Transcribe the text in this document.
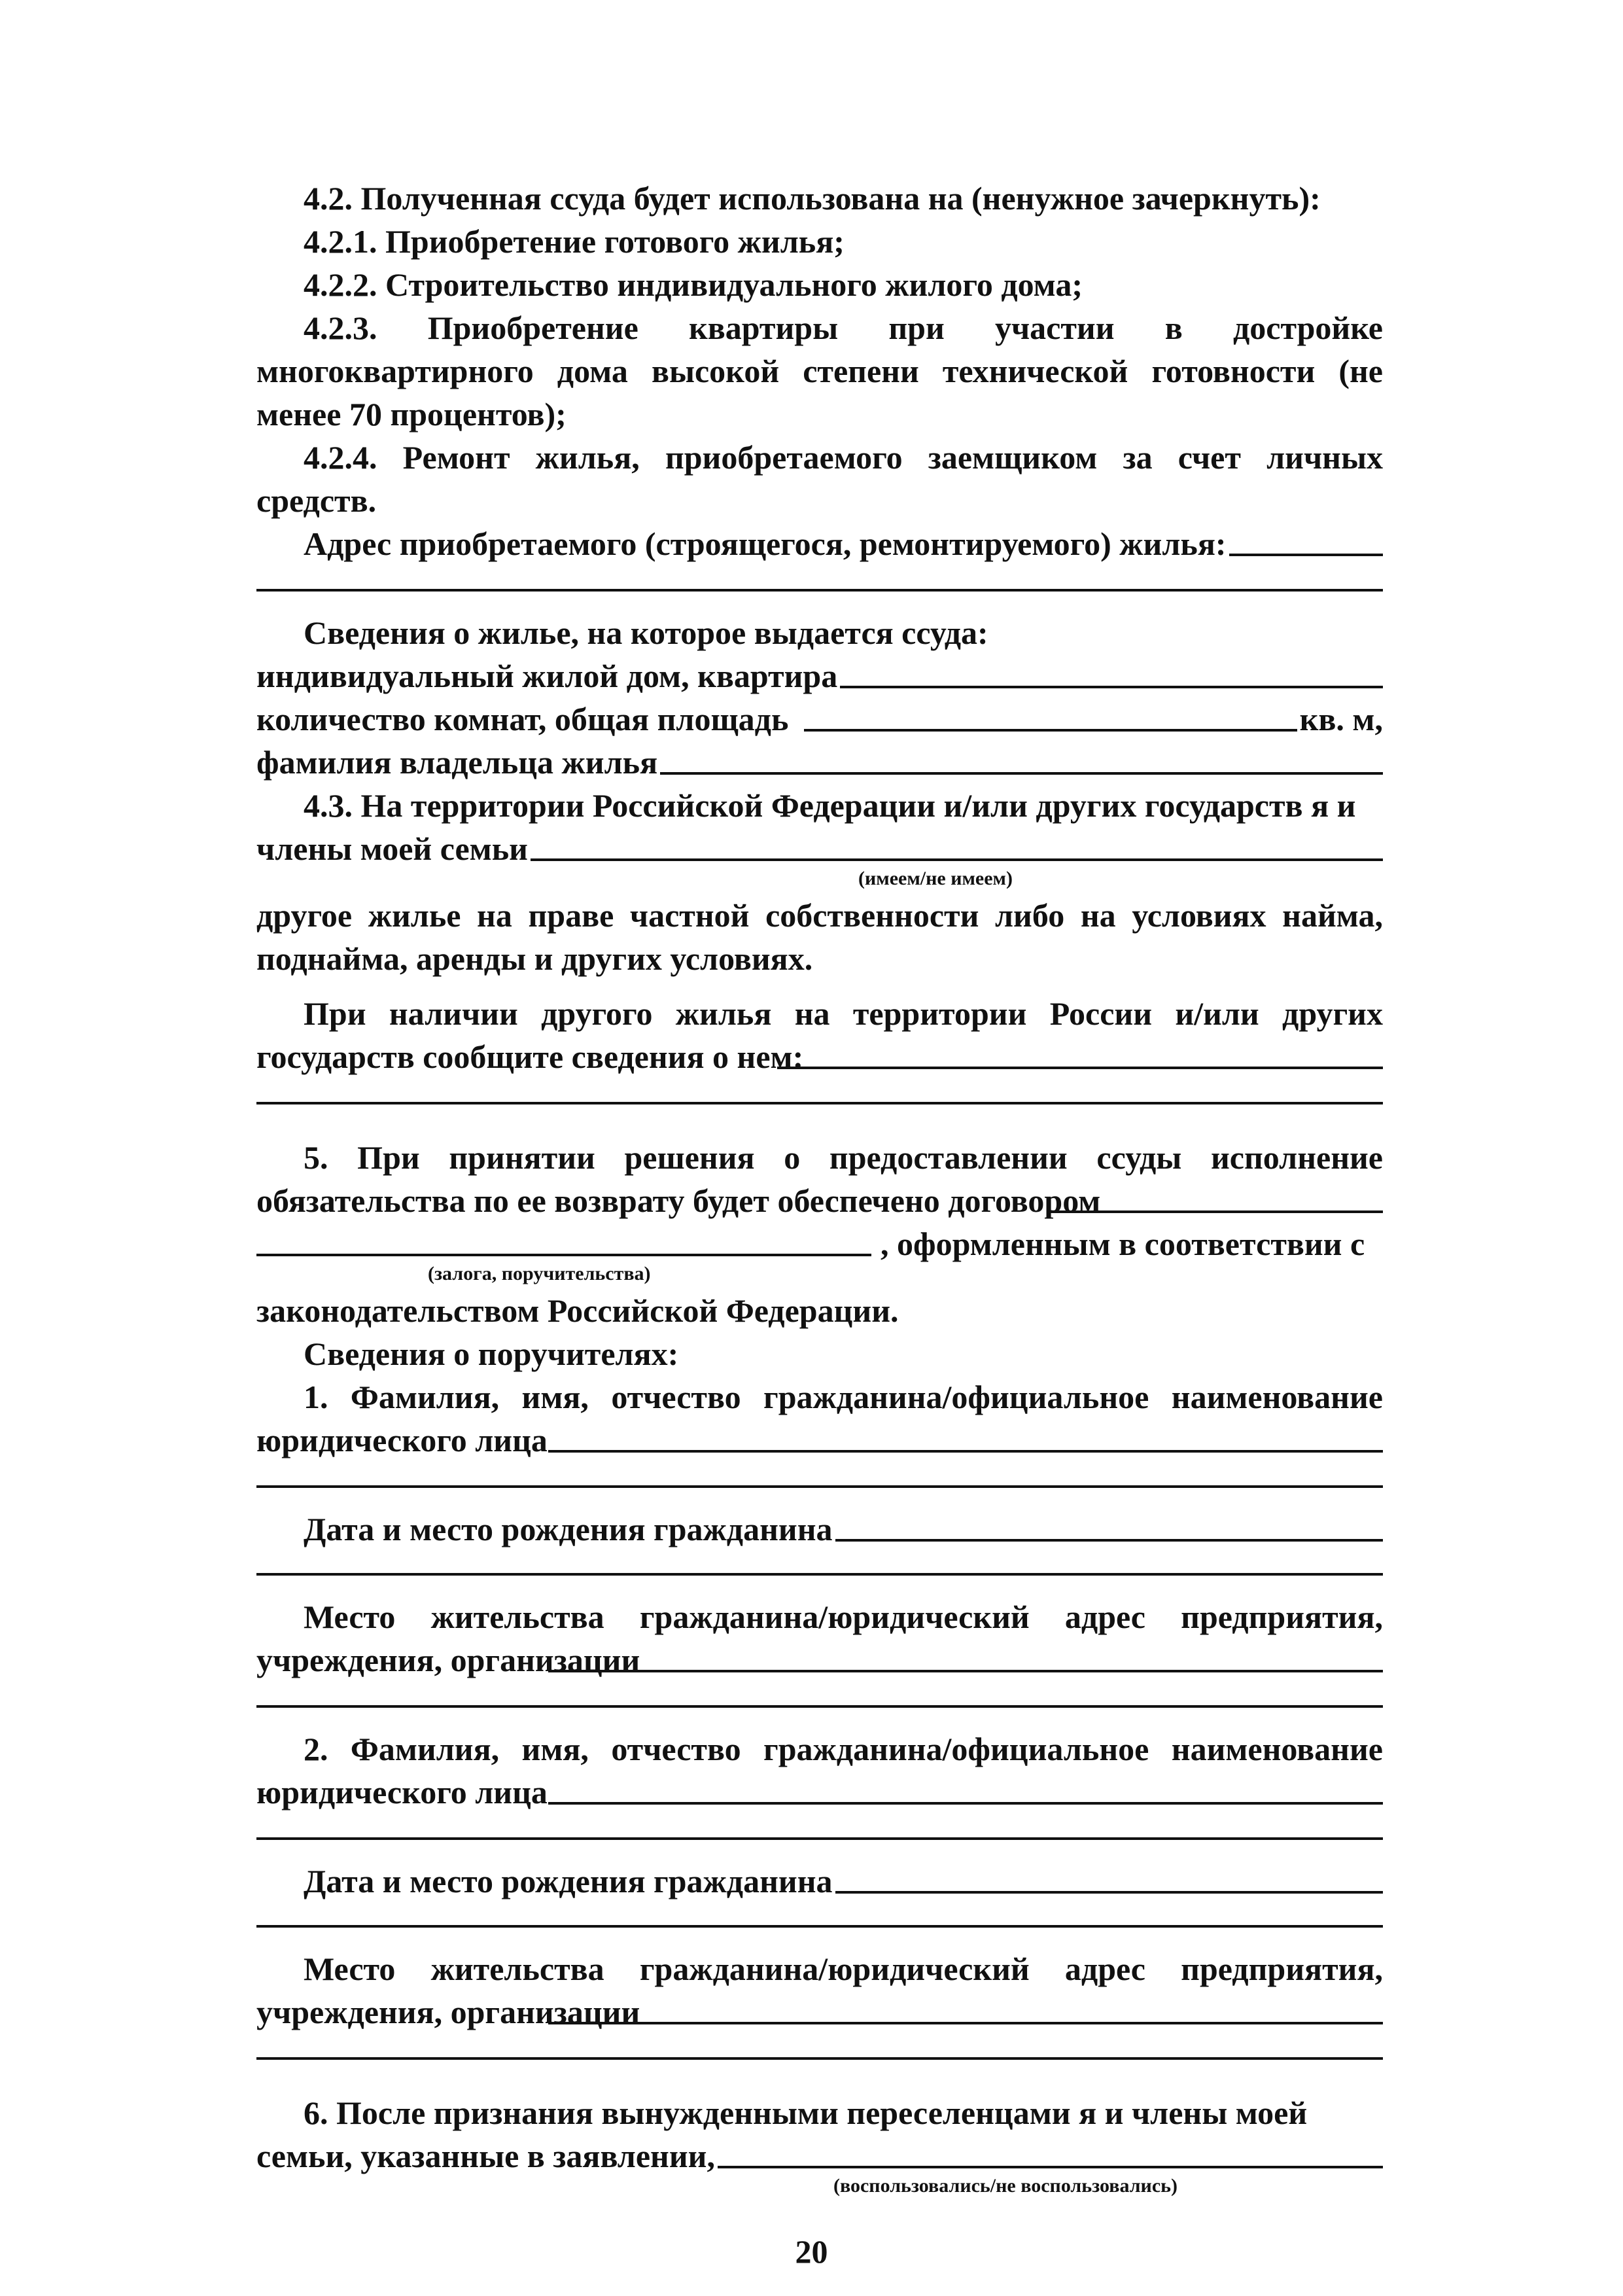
4.2. Полученная ссуда будет использована на (ненужное зачеркнуть):

4.2.1. Приобретение готового жилья;

4.2.2. Строительство индивидуального жилого дома;

4.2.3. Приобретение квартиры при участии в достройке многоквартирного дома высокой степени технической готовности (не менее 70 процентов);

4.2.4. Ремонт жилья, приобретаемого заемщиком за счет личных средств.

Адрес приобретаемого (строящегося, ремонтируемого) жилья:

Сведения о жилье, на которое выдается ссуда:

индивидуальный жилой дом, квартира
количество комнат, общая площадь	кв. м,
фамилия владельца жилья

4.3. На территории Российской Федерации и/или других государств я и

члены моей семьи
(имеем/не имеем)

другое жилье на праве частной собственности либо на условиях найма, поднайма, аренды и других условиях.

При наличии другого жилья на территории России и/или других государств сообщите сведения о нем:

5. При принятии решения о предоставлении ссуды исполнение обязательства по ее возврату будет обеспечено договором

, оформленным в соответствии с
(залога, поручительства)

законодательством Российской Федерации.

Сведения о поручителях:

1. Фамилия, имя, отчество гражданина/официальное наименование юридического лица

Дата и место рождения гражданина

Место жительства гражданина/юридический адрес предприятия, учреждения, организации

2. Фамилия, имя, отчество гражданина/официальное наименование юридического лица

Дата и место рождения гражданина

Место жительства гражданина/юридический адрес предприятия, учреждения, организации

6. После признания вынужденными переселенцами я и члены моей

семьи, указанные в заявлении,
(воспользовались/не воспользовались)
20
